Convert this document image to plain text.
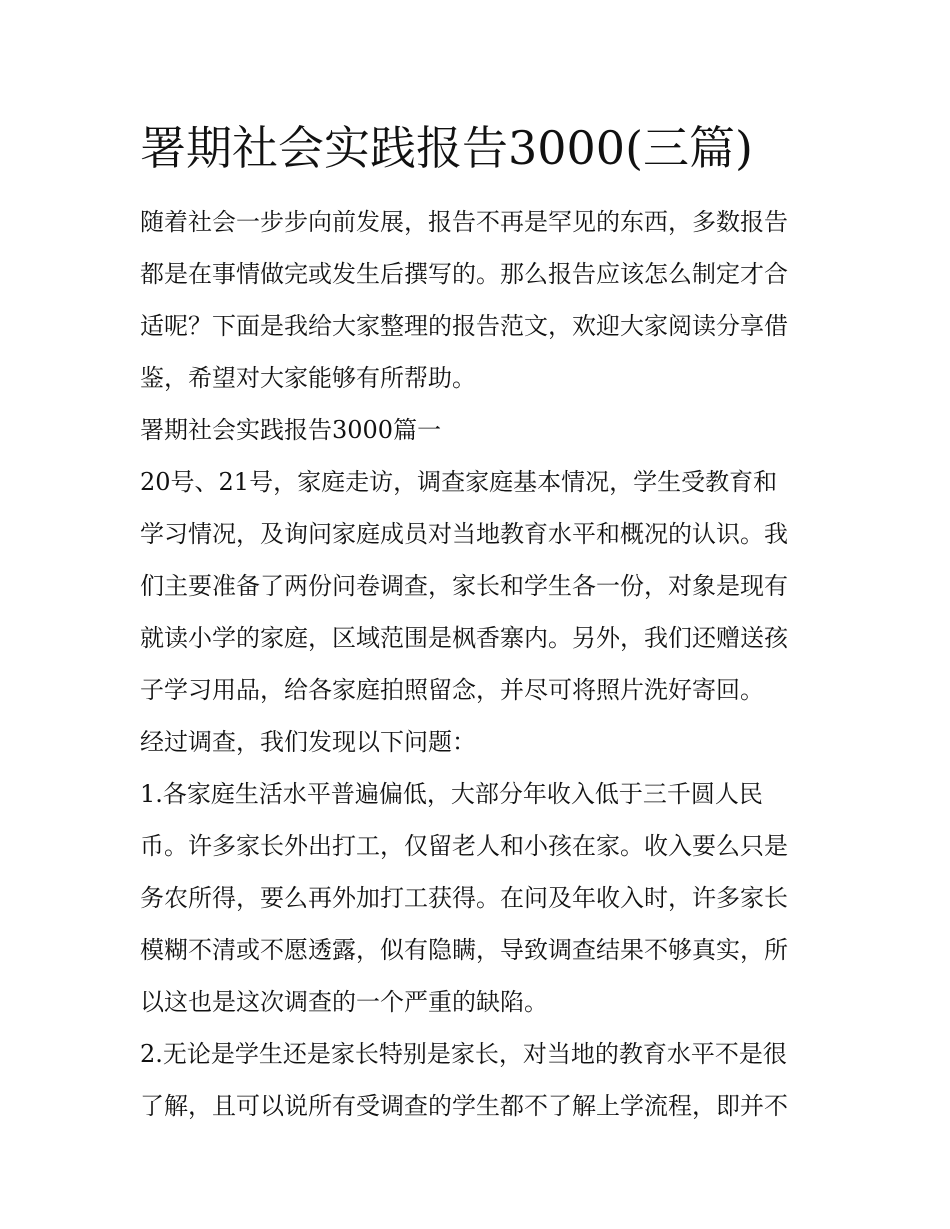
署期社会实践报告3000(三篇)

随着社会一步步向前发展，报告不再是罕见的东西，多数报告
都是在事情做完或发生后撰写的。那么报告应该怎么制定才合
适呢？下面是我给大家整理的报告范文，欢迎大家阅读分享借
鉴，希望对大家能够有所帮助。

署期社会实践报告3000篇一

20号、21号，家庭走访，调查家庭基本情况，学生受教育和
学习情况，及询问家庭成员对当地教育水平和概况的认识。我
们主要准备了两份问卷调查，家长和学生各一份，对象是现有
就读小学的家庭，区域范围是枫香寨内。另外，我们还赠送孩
子学习用品，给各家庭拍照留念，并尽可将照片洗好寄回。

经过调查，我们发现以下问题：

1.各家庭生活水平普遍偏低，大部分年收入低于三千圆人民
币。许多家长外出打工，仅留老人和小孩在家。收入要么只是
务农所得，要么再外加打工获得。在问及年收入时，许多家长
模糊不清或不愿透露，似有隐瞒，导致调查结果不够真实，所
以这也是这次调查的一个严重的缺陷。

2.无论是学生还是家长特别是家长，对当地的教育水平不是很
了解，且可以说所有受调查的学生都不了解上学流程，即并不
